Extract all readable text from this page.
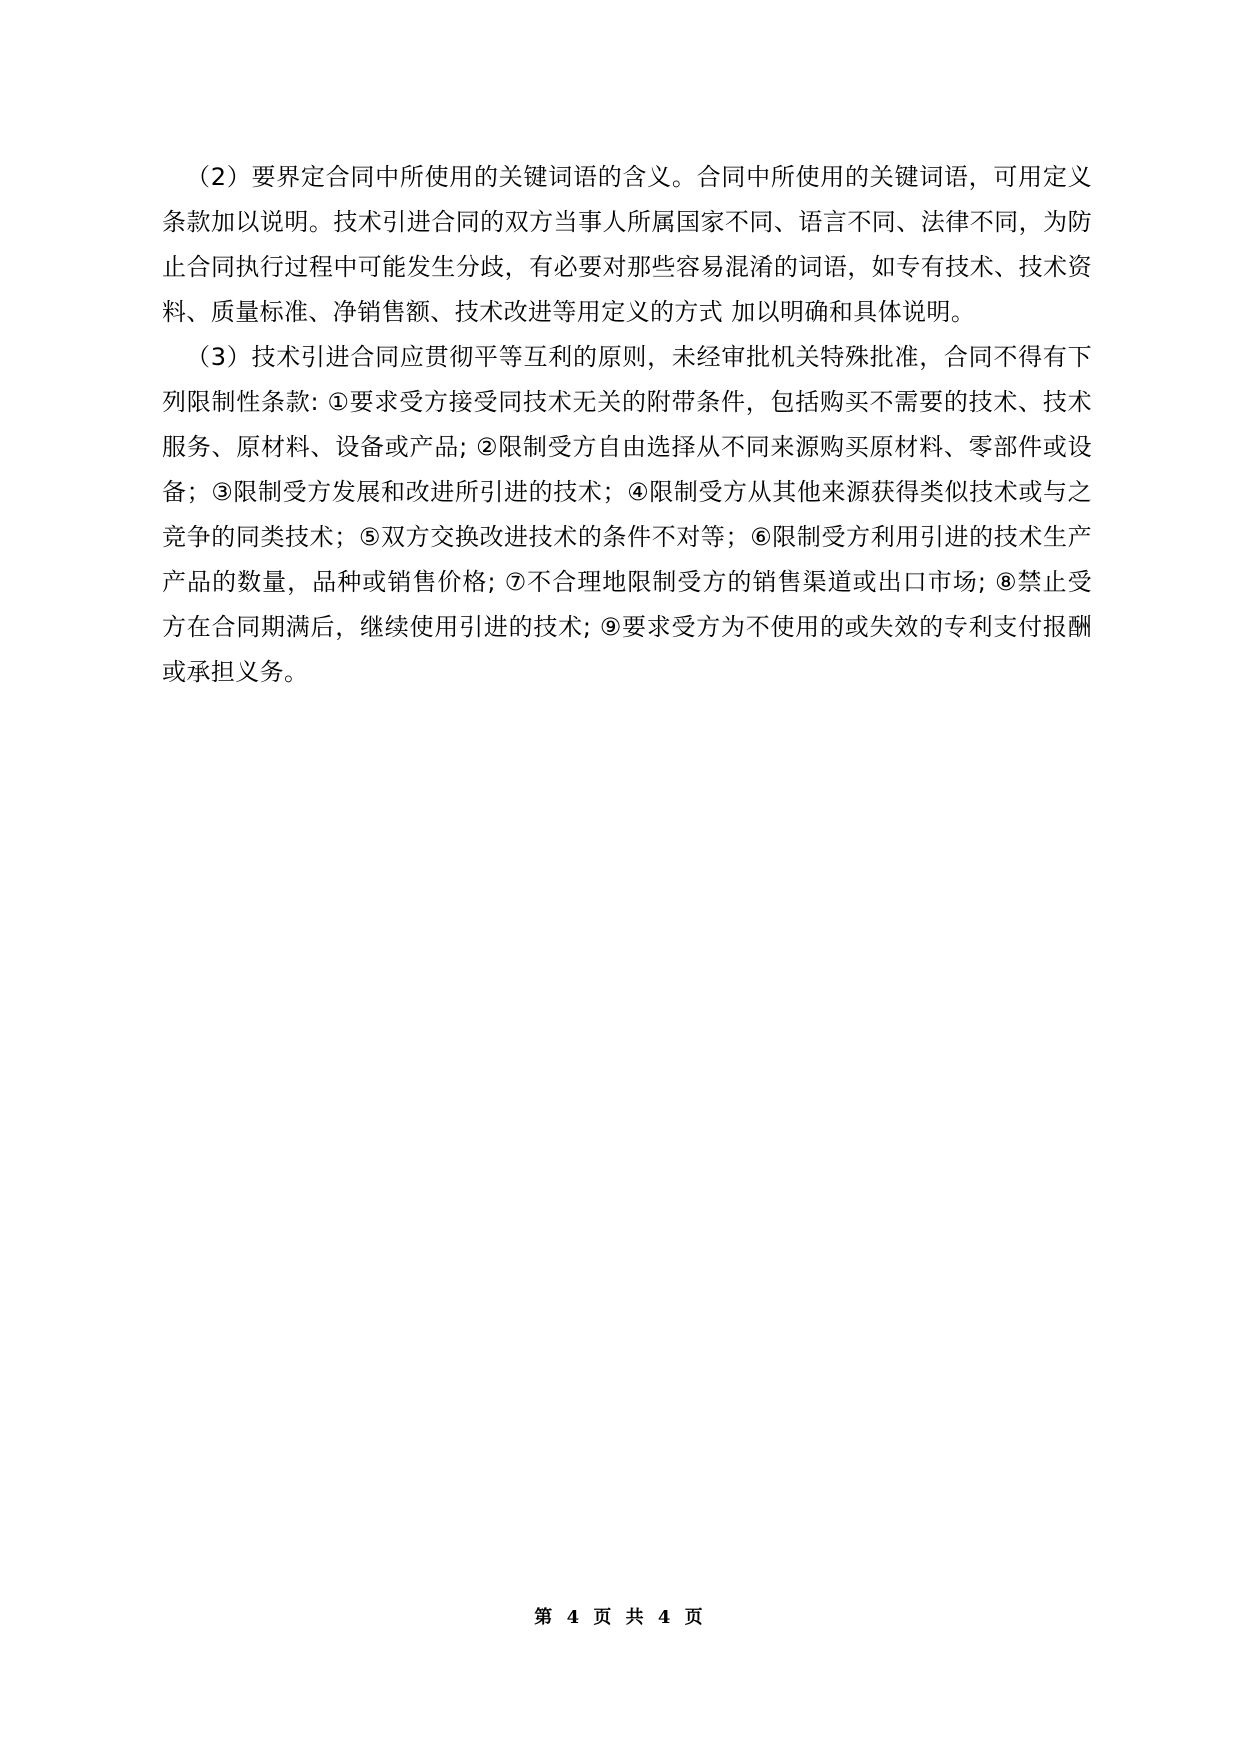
（2）要界定合同中所使用的关键词语的含义。合同中所使用的关键词语，可用定义条款加以说明。技术引进合同的双方当事人所属国家不同、语言不同、法律不同，为防止合同执行过程中可能发生分歧，有必要对那些容易混淆的词语，如专有技术、技术资料、质量标准、净销售额、技术改进等用定义的方式 加以明确和具体说明。

（3）技术引进合同应贯彻平等互利的原则，未经审批机关特殊批准，合同不得有下列限制性条款: ①要求受方接受同技术无关的附带条件，包括购买不需要的技术、技术服务、原材料、设备或产品; ②限制受方自由选择从不同来源购买原材料、零部件或设备；③限制受方发展和改进所引进的技术；④限制受方从其他来源获得类似技术或与之竞争的同类技术；⑤双方交换改进技术的条件不对等；⑥限制受方利用引进的技术生产产品的数量，品种或销售价格; ⑦不合理地限制受方的销售渠道或出口市场; ⑧禁止受方在合同期满后，继续使用引进的技术; ⑨要求受方为不使用的或失效的专利支付报酬或承担义务。

第 4 页 共 4 页
